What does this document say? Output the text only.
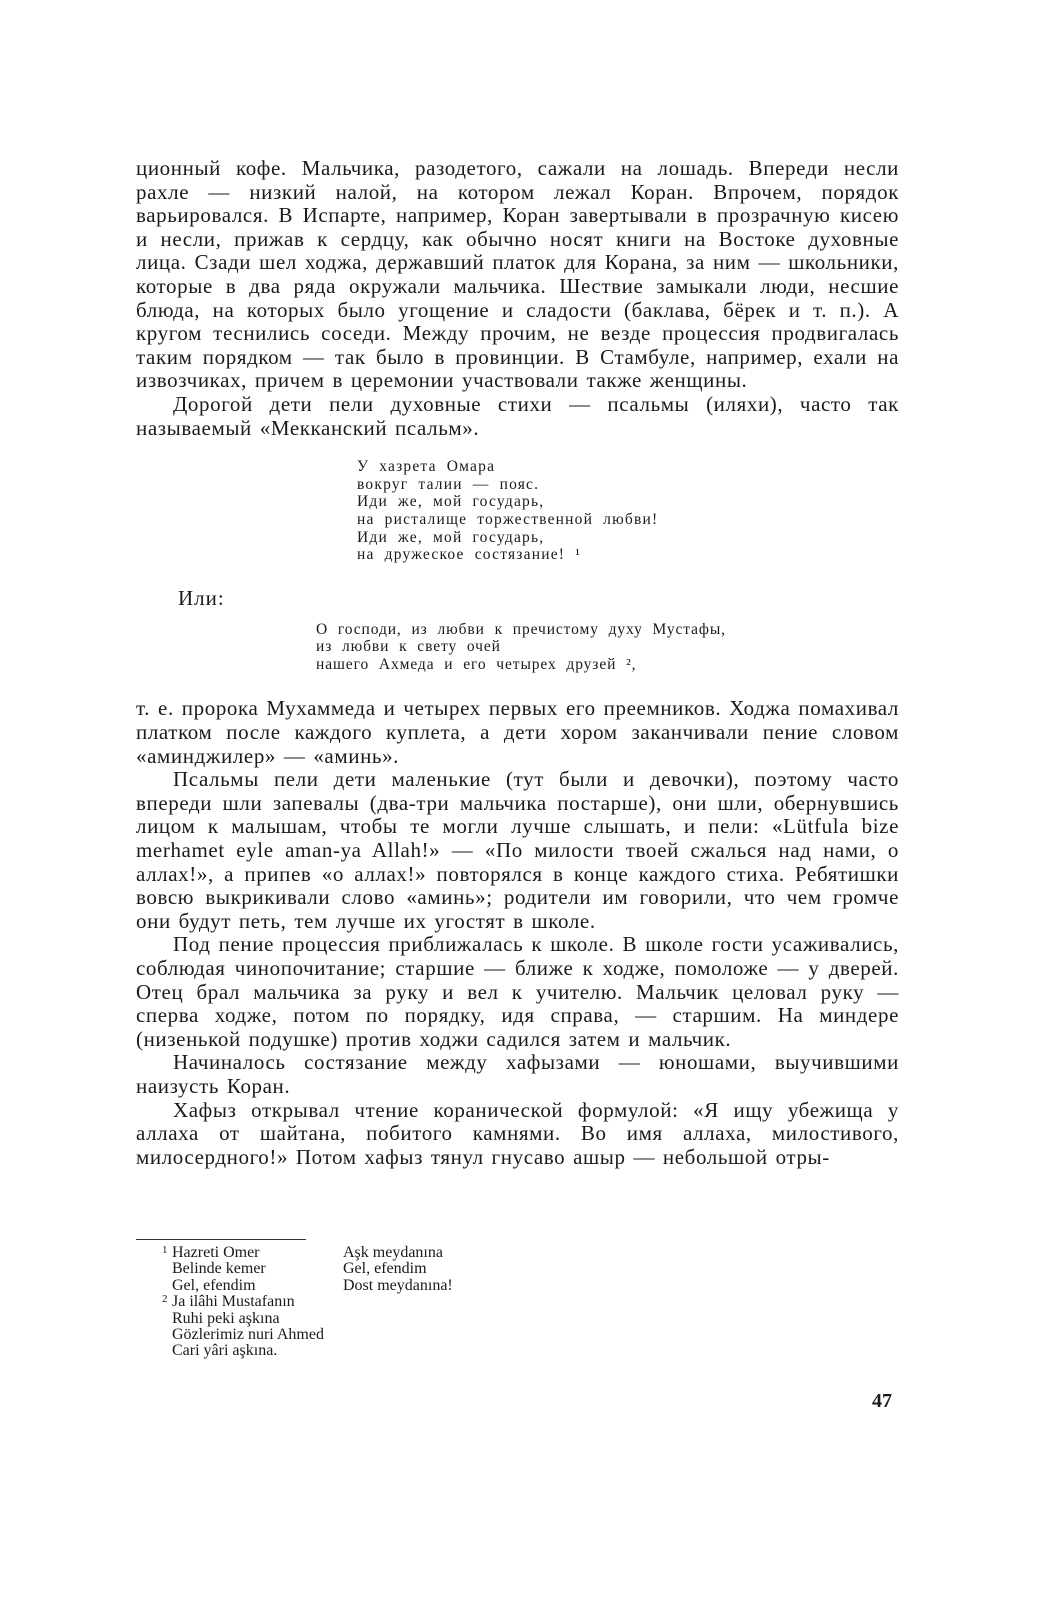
ционный кофе. Мальчика, разодетого, сажали на лошадь. Впереди несли рахле — низкий налой, на котором лежал Коран. Впрочем, порядок варьировался. В Испарте, например, Коран завертывали в прозрачную кисею и несли, прижав к сердцу, как обычно носят книги на Востоке духовные лица. Сзади шел ходжа, державший платок для Корана, за ним — школьники, которые в два ряда окружали мальчика. Шествие замыкали люди, несшие блюда, на которых было угощение и сладости (баклава, бёрек и т. п.). А кругом теснились соседи. Между прочим, не везде процессия продвигалась таким порядком — так было в провинции. В Стамбуле, например, ехали на извозчиках, причем в церемонии участвовали также женщины.

Дорогой дети пели духовные стихи — псальмы (иляхи), часто так называемый «Мекканский псальм».

У хазрета Омара
вокруг талии — пояс.
Иди же, мой государь,
на ристалище торжественной любви!
Иди же, мой государь,
на дружеское состязание! ¹
Или:
О господи, из любви к пречистому духу Мустафы,
из любви к свету очей
нашего Ахмеда и его четырех друзей ²,

т. е. пророка Мухаммеда и четырех первых его преемников. Ходжа помахивал платком после каждого куплета, а дети хором заканчивали пение словом «аминджилер» — «аминь».

Псальмы пели дети маленькие (тут были и девочки), поэтому часто впереди шли запевалы (два-три мальчика постарше), они шли, обернувшись лицом к малышам, чтобы те могли лучше слышать, и пели: «Lütfula bize merhamet eyle aman-ya Allah!» — «По милости твоей сжалься над нами, о аллах!», а припев «о аллах!» повторялся в конце каждого стиха. Ребятишки вовсю выкрикивали слово «аминь»; родители им говорили, что чем громче они будут петь, тем лучше их угостят в школе.

Под пение процессия приближалась к школе. В школе гости усаживались, соблюдая чинопочитание; старшие — ближе к ходже, помоложе — у дверей. Отец брал мальчика за руку и вел к учителю. Мальчик целовал руку — сперва ходже, потом по порядку, идя справа, — старшим. На миндере (низенькой подушке) против ходжи садился затем и мальчик.

Начиналось состязание между хафызами — юношами, выучившими наизусть Коран.

Хафыз открывал чтение коранической формулой: «Я ищу убежища у аллаха от шайтана, побитого камнями. Во имя аллаха, милостивого, милосердного!» Потом хафыз тянул гнусаво ашыр — небольшой отры-

1 Hazreti Omer	Aşk meydanına
Belinde kemer	Gel, efendim
Gel, efendim	Dost meydanına!
2 Ja ilâhi Mustafanın
Ruhi peki aşkına
Gözlerimiz nuri Ahmed
Cari yâri aşkına.
47
